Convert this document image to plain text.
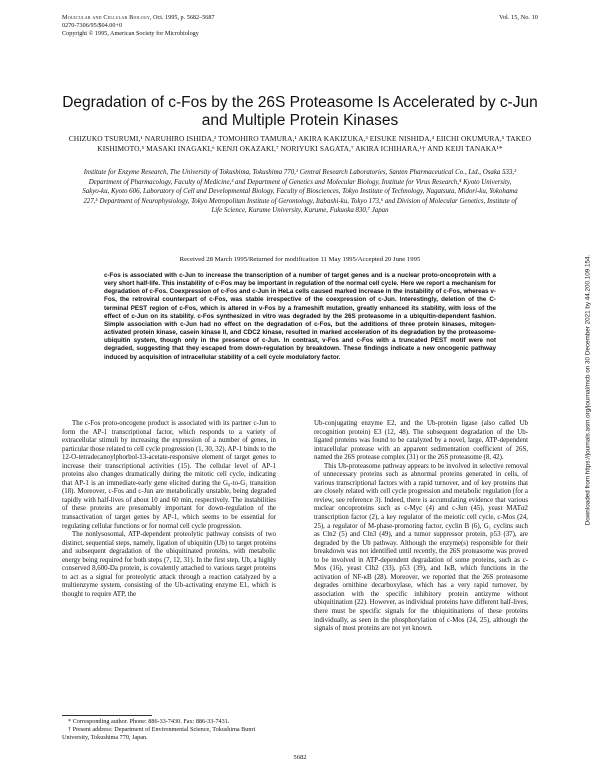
Molecular and Cellular Biology, Oct. 1995, p. 5682–5687
0270-7306/95/$04.00+0
Copyright © 1995, American Society for Microbiology
Vol. 15, No. 10
Degradation of c-Fos by the 26S Proteasome Is Accelerated by c-Jun and Multiple Protein Kinases
CHIZUKO TSURUMI,¹ NARUHIRO ISHIDA,² TOMOHIRO TAMURA,¹ AKIRA KAKIZUKA,³ EISUKE NISHIDA,⁴ EIICHI OKUMURA,⁵ TAKEO KISHIMOTO,⁵ MASAKI INAGAKI,⁶ KENJI OKAZAKI,⁷ NORIYUKI SAGATA,⁷ AKIRA ICHIHARA,¹† AND KEIJI TANAKA¹*
Institute for Enzyme Research, The University of Tokushima, Tokushima 770,¹ Central Research Laboratories, Santen Pharmaceutical Co., Ltd., Osaka 533,² Department of Pharmacology, Faculty of Medicine,³ and Department of Genetics and Molecular Biology, Institute for Virus Research,⁴ Kyoto University, Sakyo-ku, Kyoto 606, Laboratory of Cell and Developmental Biology, Faculty of Biosciences, Tokyo Institute of Technology, Nagatsuta, Midori-ku, Yokohama 227,⁵ Department of Neurophysiology, Tokyo Metropolitan Institute of Gerontology, Itabashi-ku, Tokyo 173,⁶ and Division of Molecular Genetics, Institute of Life Science, Kurume University, Kurume, Fukuoka 830,⁷ Japan
Received 28 March 1995/Returned for modification 11 May 1995/Accepted 20 June 1995
c-Fos is associated with c-Jun to increase the transcription of a number of target genes and is a nuclear proto-oncoprotein with a very short half-life. This instability of c-Fos may be important in regulation of the normal cell cycle. Here we report a mechanism for degradation of c-Fos. Coexpression of c-Fos and c-Jun in HeLa cells caused marked increase in the instability of c-Fos, whereas v-Fos, the retroviral counterpart of c-Fos, was stable irrespective of the coexpression of c-Jun. Interestingly, deletion of the C-terminal PEST region of c-Fos, which is altered in v-Fos by a frameshift mutation, greatly enhanced its stability, with loss of the effect of c-Jun on its stability. c-Fos synthesized in vitro was degraded by the 26S proteasome in a ubiquitin-dependent fashion. Simple association with c-Jun had no effect on the degradation of c-Fos, but the additions of three protein kinases, mitogen-activated protein kinase, casein kinase II, and CDC2 kinase, resulted in marked acceleration of its degradation by the proteasome-ubiquitin system, though only in the presence of c-Jun. In contrast, v-Fos and c-Fos with a truncated PEST motif were not degraded, suggesting that they escaped from down-regulation by breakdown. These findings indicate a new oncogenic pathway induced by acquisition of intracellular stability of a cell cycle modulatory factor.

The c-Fos proto-oncogene product is associated with its partner c-Jun to form the AP-1 transcriptional factor, which responds to a variety of extracellular stimuli by increasing the expression of a number of genes, in particular those related to cell cycle progression (1, 30, 32). AP-1 binds to the 12-O-tetradecanoylphorbol-13-acetate-responsive element of target genes to increase their transcriptional activities (15). The cellular level of AP-1 proteins also changes dramatically during the mitotic cell cycle, indicating that AP-1 is an immediate-early gene elicited during the G₀-to-G₁ transition (18). Moreover, c-Fos and c-Jun are metabolically unstable, being degraded rapidly with half-lives of about 10 and 60 min, respectively. The instabilities of these proteins are presumably important for down-regulation of the transactivation of target genes by AP-1, which seems to be essential for regulating cellular functions or for normal cell cycle progression.

The nonlysosomal, ATP-dependent proteolytic pathway consists of two distinct, sequential steps, namely, ligation of ubiquitin (Ub) to target proteins and subsequent degradation of the ubiquitinated proteins, with metabolic energy being required for both steps (7, 12, 31). In the first step, Ub, a highly conserved 8,600-Da protein, is covalently attached to various target proteins to act as a signal for proteolytic attack through a reaction catalyzed by a multienzyme system, consisting of the Ub-activating enzyme E1, which is thought to require ATP, the

* Corresponding author. Phone: 886-33-7430. Fax: 886-33-7431.
† Present address: Department of Environmental Science, Tokushima Bunri University, Tokushima 770, Japan.

Ub-conjugating enzyme E2, and the Ub-protein ligase (also called Ub recognition protein) E3 (12, 48). The subsequent degradation of the Ub-ligated proteins was found to be catalyzed by a novel, large, ATP-dependent intracellular protease with an apparent sedimentation coefficient of 26S, named the 26S protease complex (31) or the 26S proteasome (8, 42).

This Ub-proteasome pathway appears to be involved in selective removal of unnecessary proteins such as abnormal proteins generated in cells, of various transcriptional factors with a rapid turnover, and of key proteins that are closely related with cell cycle progression and metabolic regulation (for a review, see reference 3). Indeed, there is accumulating evidence that various nuclear oncoproteins such as c-Myc (4) and c-Jun (45), yeast MATα2 transcription factor (2), a key regulator of the meiotic cell cycle, c-Mos (24, 25), a regulator of M-phase-promoting factor, cyclin B (6), G₁ cyclins such as Cln2 (5) and Cln3 (49), and a tumor suppressor protein, p53 (37), are degraded by the Ub pathway. Although the enzyme(s) responsible for their breakdown was not identified until recently, the 26S proteasome was proved to be involved in ATP-dependent degradation of some proteins, such as c-Mos (16), yeast Clb2 (33), p53 (39), and IκB, which functions in the activation of NF-κB (28). Moreover, we reported that the 26S proteasome degrades ornithine decarboxylase, which has a very rapid turnover, by association with the specific inhibitory protein antizyme without ubiquitination (22). However, as individual proteins have different half-lives, there must be specific signals for the ubiquitinations of these proteins individually, as seen in the phosphorylation of c-Mos (24, 25), although the signals of most proteins are not yet known.

5682
Downloaded from https://journals.asm.org/journal/mcb on 30 December 2021 by 44.200.109.154.
